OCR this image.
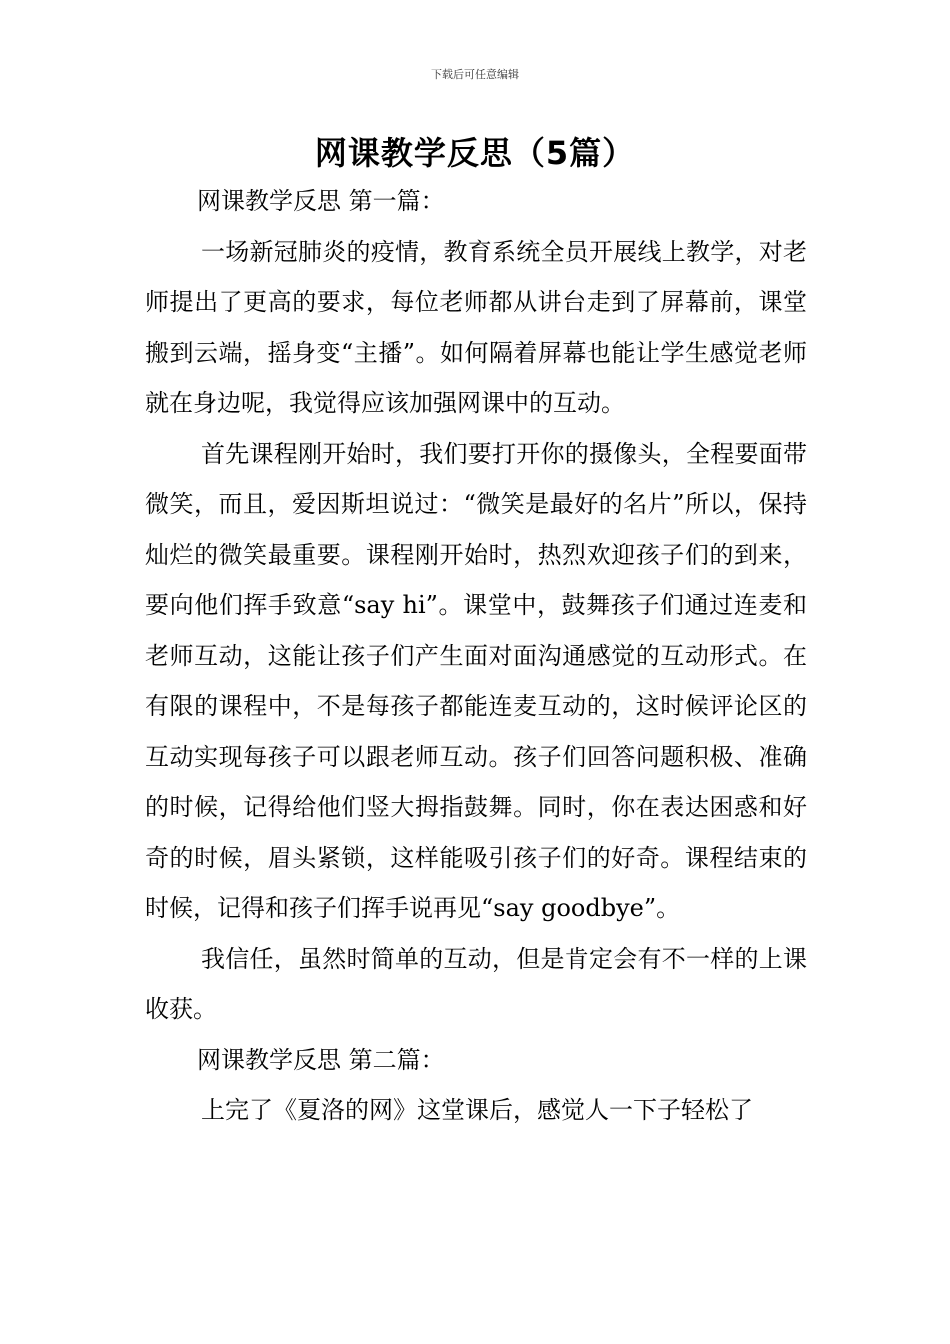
下载后可任意编辑
网课教学反思（5篇）

网课教学反思 第一篇：

一场新冠肺炎的疫情，教育系统全员开展线上教学，对老师提出了更高的要求，每位老师都从讲台走到了屏幕前，课堂搬到云端，摇身变“主播”。如何隔着屏幕也能让学生感觉老师就在身边呢，我觉得应该加强网课中的互动。

首先课程刚开始时，我们要打开你的摄像头，全程要面带微笑，而且，爱因斯坦说过：“微笑是最好的名片”所以，保持灿烂的微笑最重要。课程刚开始时，热烈欢迎孩子们的到来，要向他们挥手致意“say hi”。课堂中，鼓舞孩子们通过连麦和老师互动，这能让孩子们产生面对面沟通感觉的互动形式。在有限的课程中，不是每孩子都能连麦互动的，这时候评论区的互动实现每孩子可以跟老师互动。孩子们回答问题积极、准确的时候，记得给他们竖大拇指鼓舞。同时，你在表达困惑和好奇的时候，眉头紧锁，这样能吸引孩子们的好奇。课程结束的时候，记得和孩子们挥手说再见“say goodbye”。

我信任，虽然时简单的互动，但是肯定会有不一样的上课收获。

网课教学反思 第二篇：

上完了《夏洛的网》这堂课后，感觉人一下子轻松了
